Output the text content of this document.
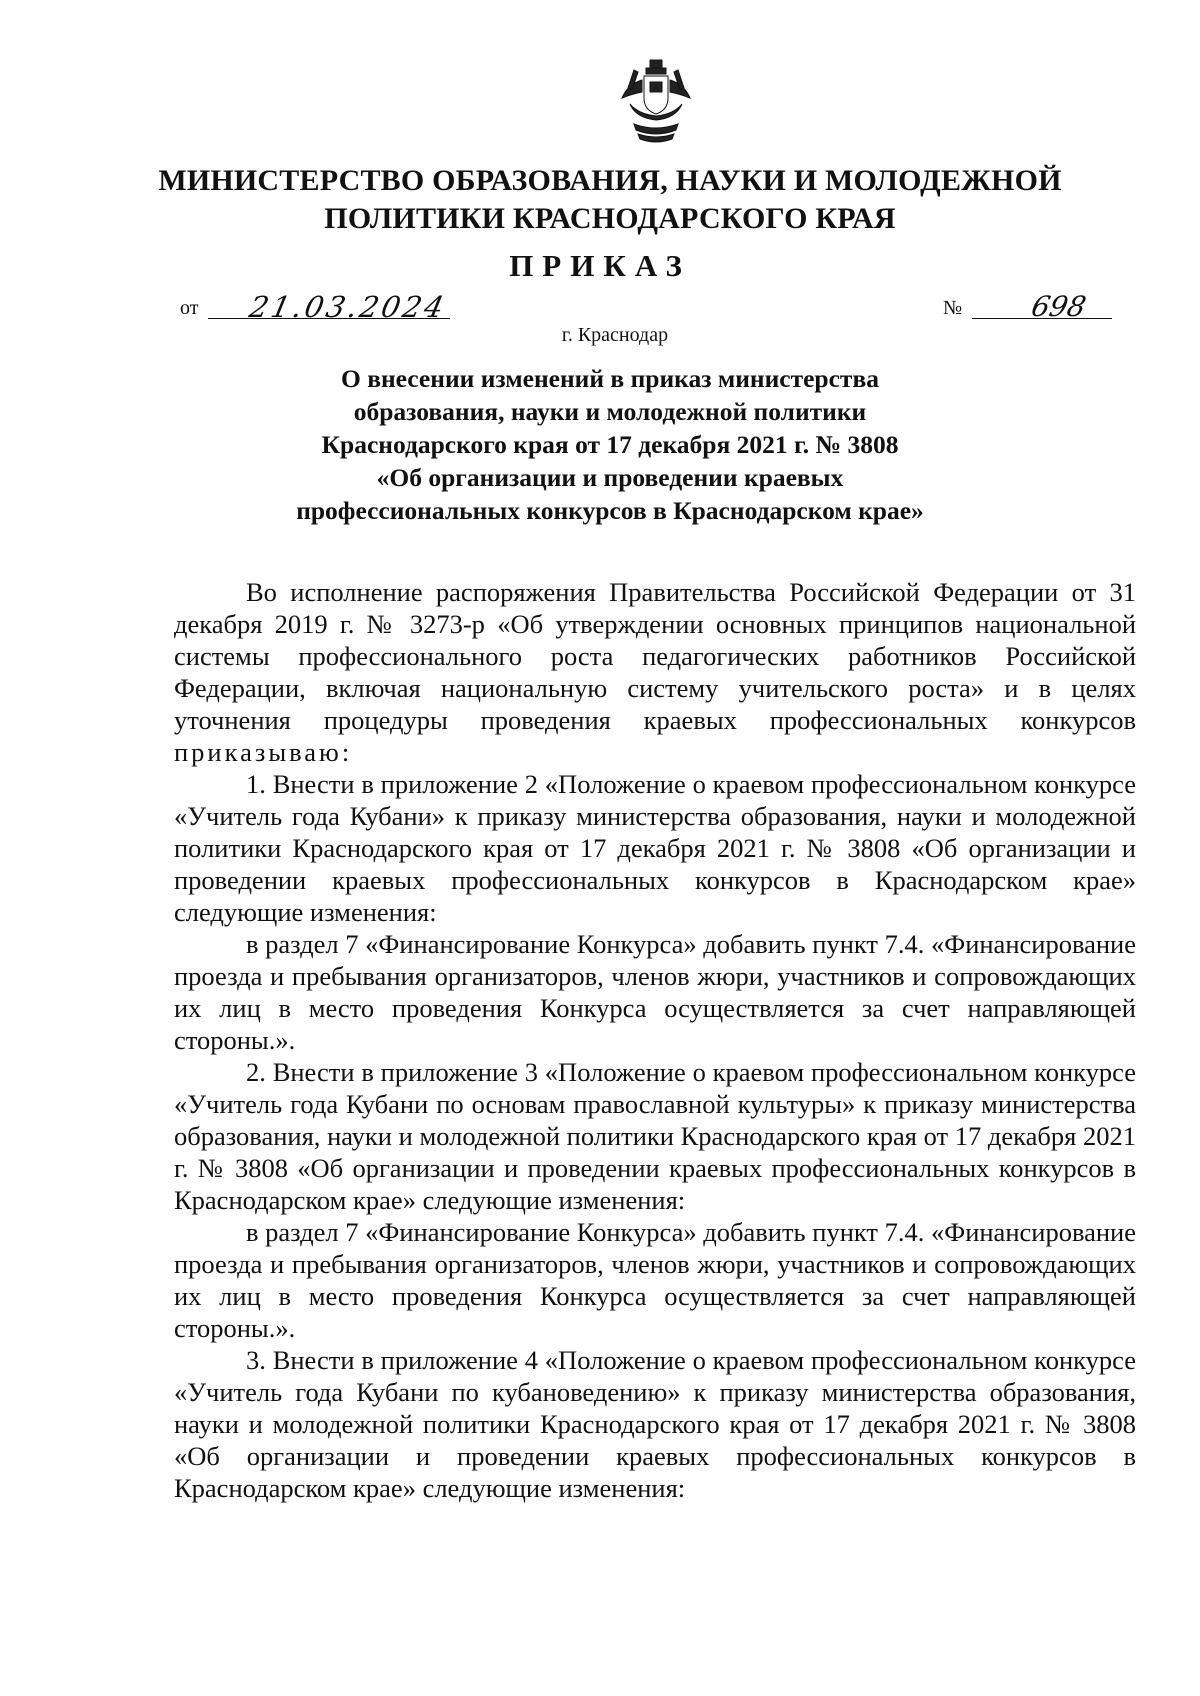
МИНИСТЕРСТВО ОБРАЗОВАНИЯ, НАУКИ И МОЛОДЕЖНОЙ
ПОЛИТИКИ КРАСНОДАРСКОГО КРАЯ
ПРИКАЗ
от 21.03.2024	№ 698
г. Краснодар
О внесении изменений в приказ министерства
образования, науки и молодежной политики
Краснодарского края от 17 декабря 2021 г. № 3808
«Об организации и проведении краевых
профессиональных конкурсов в Краснодарском крае»

Во исполнение распоряжения Правительства Российской Федерации от 31 декабря 2019 г. № 3273-р «Об утверждении основных принципов национальной системы профессионального роста педагогических работников Российской Федерации, включая национальную систему учительского роста» и в целях уточнения процедуры проведения краевых профессиональных конкурсов приказываю:

1. Внести в приложение 2 «Положение о краевом профессиональном конкурсе «Учитель года Кубани» к приказу министерства образования, науки и молодежной политики Краснодарского края от 17 декабря 2021 г. № 3808 «Об организации и проведении краевых профессиональных конкурсов в Краснодарском крае» следующие изменения:

в раздел 7 «Финансирование Конкурса» добавить пункт 7.4. «Финансирование проезда и пребывания организаторов, членов жюри, участников и сопровождающих их лиц в место проведения Конкурса осуществляется за счет направляющей стороны.».

2. Внести в приложение 3 «Положение о краевом профессиональном конкурсе «Учитель года Кубани по основам православной культуры» к приказу министерства образования, науки и молодежной политики Краснодарского края от 17 декабря 2021 г. № 3808 «Об организации и проведении краевых профессиональных конкурсов в Краснодарском крае» следующие изменения:

в раздел 7 «Финансирование Конкурса» добавить пункт 7.4. «Финансирование проезда и пребывания организаторов, членов жюри, участников и сопровождающих их лиц в место проведения Конкурса осуществляется за счет направляющей стороны.».

3. Внести в приложение 4 «Положение о краевом профессиональном конкурсе «Учитель года Кубани по кубановедению» к приказу министерства образования, науки и молодежной политики Краснодарского края от 17 декабря 2021 г. № 3808 «Об организации и проведении краевых профессиональных конкурсов в Краснодарском крае» следующие изменения:
